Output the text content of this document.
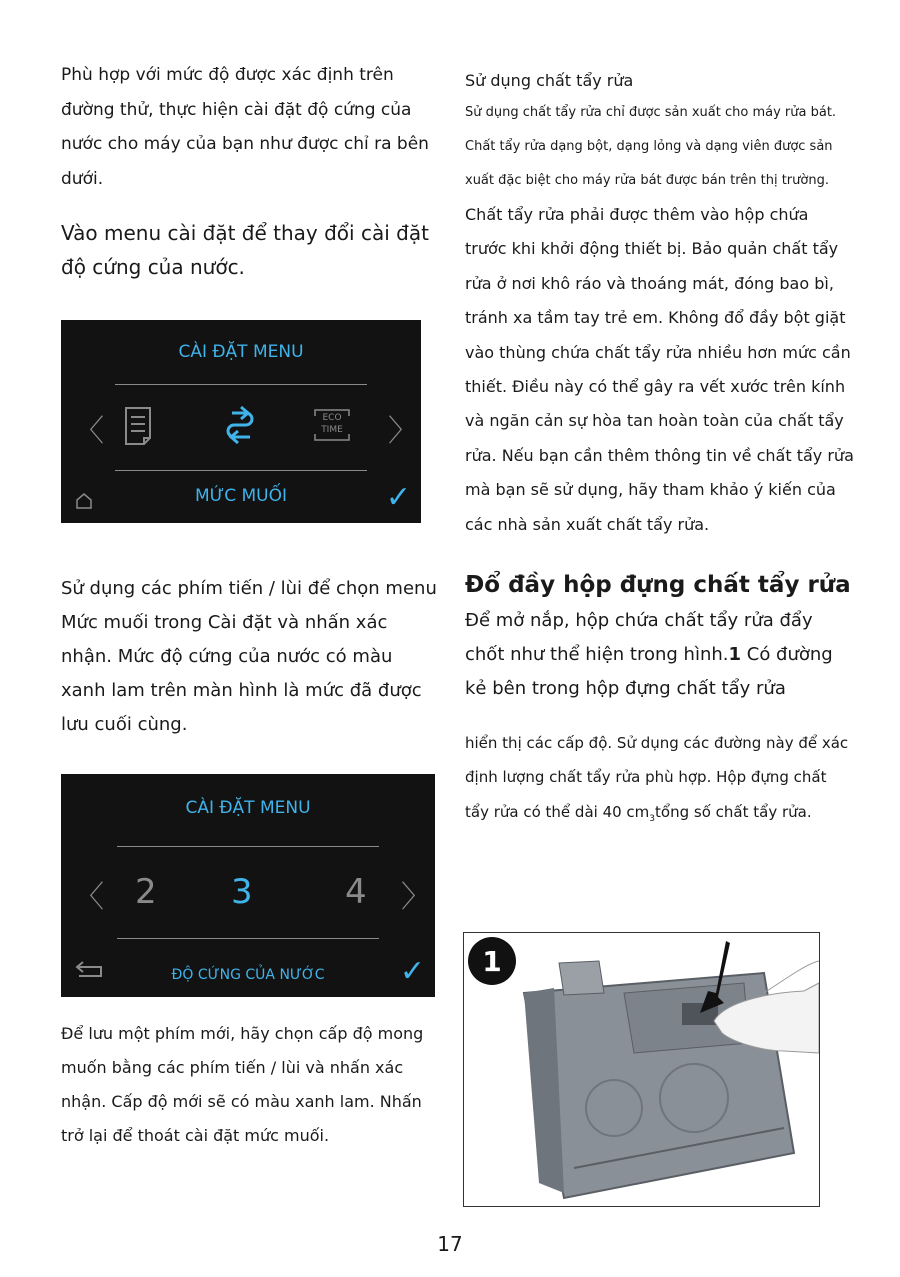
Phù hợp với mức độ được xác định trên đường thử, thực hiện cài đặt độ cứng của nước cho máy của bạn như được chỉ ra bên dưới.

Vào menu cài đặt để thay đổi cài đặt độ cứng của nước.

CÀI ĐẶT MENU
〈	ECO
TIME 〉
MỨC MUỐI	✓

Sử dụng các phím tiến / lùi để chọn menu Mức muối trong Cài đặt và nhấn xác nhận. Mức độ cứng của nước có màu xanh lam trên màn hình là mức đã được lưu cuối cùng.

CÀI ĐẶT MENU
〈 2 3	4 〉
ĐỘ CỨNG CỦA NƯỚC	✓

Để lưu một phím mới, hãy chọn cấp độ mong muốn bằng các phím tiến / lùi và nhấn xác nhận. Cấp độ mới sẽ có màu xanh lam. Nhấn trở lại để thoát cài đặt mức muối.

Sử dụng chất tẩy rửa

Sử dụng chất tẩy rửa chỉ được sản xuất cho máy rửa bát. Chất tẩy rửa dạng bột, dạng lỏng và dạng viên được sản xuất đặc biệt cho máy rửa bát được bán trên thị trường.

Chất tẩy rửa phải được thêm vào hộp chứa trước khi khởi động thiết bị. Bảo quản chất tẩy rửa ở nơi khô ráo và thoáng mát, đóng bao bì, tránh xa tầm tay trẻ em. Không đổ đầy bột giặt vào thùng chứa chất tẩy rửa nhiều hơn mức cần thiết. Điều này có thể gây ra vết xước trên kính và ngăn cản sự hòa tan hoàn toàn của chất tẩy rửa. Nếu bạn cần thêm thông tin về chất tẩy rửa mà bạn sẽ sử dụng, hãy tham khảo ý kiến của các nhà sản xuất chất tẩy rửa.

Đổ đầy hộp đựng chất tẩy rửa

Để mở nắp, hộp chứa chất tẩy rửa đẩy chốt như thể hiện trong hình.1 Có đường kẻ bên trong hộp đựng chất tẩy rửa

hiển thị các cấp độ. Sử dụng các đường này để xác định lượng chất tẩy rửa phù hợp. Hộp đựng chất tẩy rửa có thể dài 40 $cm_3tổng$ số chất tẩy rửa.

1
17
